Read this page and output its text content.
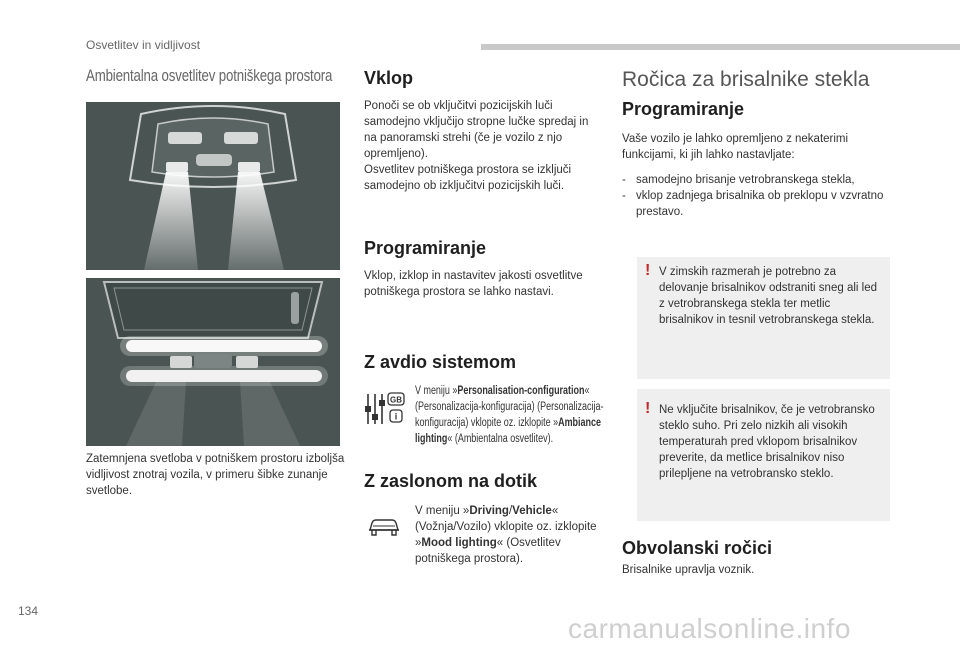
Osvetlitev in vidljivost
Ambientalna osvetlitev potniškega prostora
Zatemnjena svetloba v potniškem prostoru izboljša vidljivost znotraj vozila, v primeru šibke zunanje svetlobe.
Vklop
Ponoči se ob vključitvi pozicijskih luči samodejno vključijo stropne lučke spredaj in na panoramski strehi (če je vozilo z njo opremljeno).
Osvetlitev potniškega prostora se izključi samodejno ob izključitvi pozicijskih luči.
Programiranje
Vklop, izklop in nastavitev jakosti osvetlitve potniškega prostora se lahko nastavi.
Z avdio sistemom
GB
i
V meniju »Personalisation-configuration« (Personalizacija-konfiguracija) (Personalizacija-konfiguracija) vklopite oz. izklopite »Ambiance lighting« (Ambientalna osvetlitev).
Z zaslonom na dotik
V meniju »Driving/Vehicle« (Vožnja/Vozilo) vklopite oz. izklopite »Mood lighting« (Osvetlitev potniškega prostora).
Ročica za brisalnike stekla
Programiranje
Vaše vozilo je lahko opremljeno z nekaterimi funkcijami, ki jih lahko nastavljate:
- samodejno brisanje vetrobranskega stekla,
- vklop zadnjega brisalnika ob preklopu v vzvratno prestavo.
! V zimskih razmerah je potrebno za delovanje brisalnikov odstraniti sneg ali led z vetrobranskega stekla ter metlic brisalnikov in tesnil vetrobranskega stekla.
! Ne vključite brisalnikov, če je vetrobransko steklo suho. Pri zelo nizkih ali visokih temperaturah pred vklopom brisalnikov preverite, da metlice brisalnikov niso prilepljene na vetrobransko steklo.
Obvolanski ročici
Brisalnike upravlja voznik.
134
carmanualsonline.info
